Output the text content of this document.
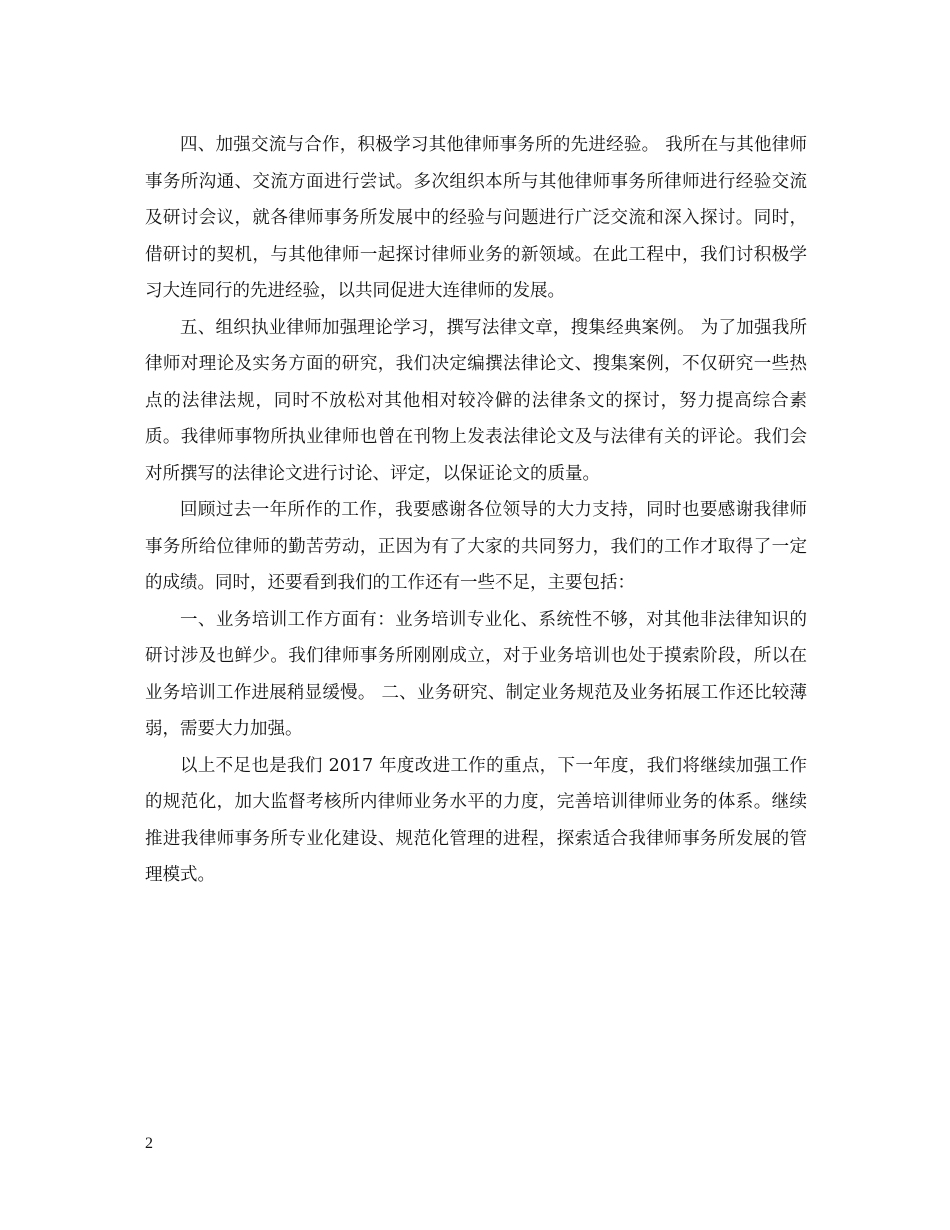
四、加强交流与合作，积极学习其他律师事务所的先进经验。 我所在与其他律师事务所沟通、交流方面进行尝试。多次组织本所与其他律师事务所律师进行经验交流及研讨会议，就各律师事务所发展中的经验与问题进行广泛交流和深入探讨。同时，借研讨的契机，与其他律师一起探讨律师业务的新领域。在此工程中，我们讨积极学习大连同行的先进经验，以共同促进大连律师的发展。

五、组织执业律师加强理论学习，撰写法律文章，搜集经典案例。 为了加强我所律师对理论及实务方面的研究，我们决定编撰法律论文、搜集案例，不仅研究一些热点的法律法规，同时不放松对其他相对较冷僻的法律条文的探讨，努力提高综合素质。我律师事物所执业律师也曾在刊物上发表法律论文及与法律有关的评论。我们会对所撰写的法律论文进行讨论、评定，以保证论文的质量。

回顾过去一年所作的工作，我要感谢各位领导的大力支持，同时也要感谢我律师事务所给位律师的勤苦劳动，正因为有了大家的共同努力，我们的工作才取得了一定的成绩。同时，还要看到我们的工作还有一些不足，主要包括：

一、业务培训工作方面有：业务培训专业化、系统性不够，对其他非法律知识的研讨涉及也鲜少。我们律师事务所刚刚成立，对于业务培训也处于摸索阶段，所以在业务培训工作进展稍显缓慢。 二、业务研究、制定业务规范及业务拓展工作还比较薄弱，需要大力加强。

以上不足也是我们 2017 年度改进工作的重点，下一年度，我们将继续加强工作的规范化，加大监督考核所内律师业务水平的力度，完善培训律师业务的体系。继续推进我律师事务所专业化建设、规范化管理的进程，探索适合我律师事务所发展的管理模式。

2
